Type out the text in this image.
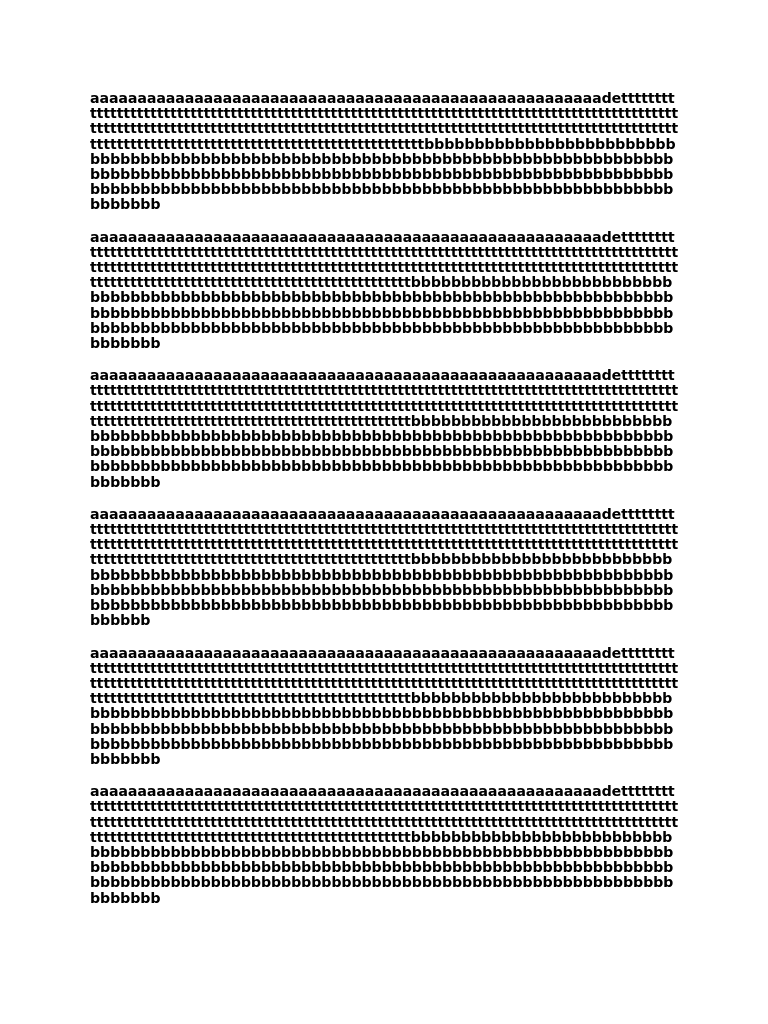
aaaaaaaaaaaaaaaaaaaaaaaaaaaaaaaaaaaaaaaaaaaaaaaaaaaaaadettttttttttttttttttttttttttttttttttttttttttttttttttttttttttttttttttttttttttttttttttttttttttttttttttttttttttttttttttttttttttttttttttttttttttttttttttttttttttttttttttttttttttttttttttttttttttttttttttttttttttttttttttttttttttttttttttttttttttbbbbbbbbbbbbbbbbbbbbbbbbbbbbbbbbbbbbbbbbbbbbbbbbbbbbbbbbbbbbbbbbbbbbbbbbbbbbbbbbbbbbbbbbbbbbbbbbbbbbbbbbbbbbbbbbbbbbbbbbbbbbbbbbbbbbbbbbbbbbbbbbbbbbbbbbbbbbbbbbbbbbbbbbbbbbbbbbbbbbbbbbbbbbbbbbbbbbbbbbbbbbbb

aaaaaaaaaaaaaaaaaaaaaaaaaaaaaaaaaaaaaaaaaaaaaaaaaaaaaadettttttttttttttttttttttttttttttttttttttttttttttttttttttttttttttttttttttttttttttttttttttttttttttttttttttttttttttttttttttttttttttttttttttttttttttttttttttttttttttttttttttttttttttttttttttttttttttttttttttttttttttttttttttttttttttttttttttttbbbbbbbbbbbbbbbbbbbbbbbbbbbbbbbbbbbbbbbbbbbbbbbbbbbbbbbbbbbbbbbbbbbbbbbbbbbbbbbbbbbbbbbbbbbbbbbbbbbbbbbbbbbbbbbbbbbbbbbbbbbbbbbbbbbbbbbbbbbbbbbbbbbbbbbbbbbbbbbbbbbbbbbbbbbbbbbbbbbbbbbbbbbbbbbbbbbbbbbbbbbbbbb

aaaaaaaaaaaaaaaaaaaaaaaaaaaaaaaaaaaaaaaaaaaaaaaaaaaaaadettttttttttttttttttttttttttttttttttttttttttttttttttttttttttttttttttttttttttttttttttttttttttttttttttttttttttttttttttttttttttttttttttttttttttttttttttttttttttttttttttttttttttttttttttttttttttttttttttttttttttttttttttttttttttttttttttttttttbbbbbbbbbbbbbbbbbbbbbbbbbbbbbbbbbbbbbbbbbbbbbbbbbbbbbbbbbbbbbbbbbbbbbbbbbbbbbbbbbbbbbbbbbbbbbbbbbbbbbbbbbbbbbbbbbbbbbbbbbbbbbbbbbbbbbbbbbbbbbbbbbbbbbbbbbbbbbbbbbbbbbbbbbbbbbbbbbbbbbbbbbbbbbbbbbbbbbbbbbbbbbbb

aaaaaaaaaaaaaaaaaaaaaaaaaaaaaaaaaaaaaaaaaaaaaaaaaaaaaadettttttttttttttttttttttttttttttttttttttttttttttttttttttttttttttttttttttttttttttttttttttttttttttttttttttttttttttttttttttttttttttttttttttttttttttttttttttttttttttttttttttttttttttttttttttttttttttttttttttttttttttttttttttttttttttttttttttttbbbbbbbbbbbbbbbbbbbbbbbbbbbbbbbbbbbbbbbbbbbbbbbbbbbbbbbbbbbbbbbbbbbbbbbbbbbbbbbbbbbbbbbbbbbbbbbbbbbbbbbbbbbbbbbbbbbbbbbbbbbbbbbbbbbbbbbbbbbbbbbbbbbbbbbbbbbbbbbbbbbbbbbbbbbbbbbbbbbbbbbbbbbbbbbbbbbbbbbbbbbbbb

aaaaaaaaaaaaaaaaaaaaaaaaaaaaaaaaaaaaaaaaaaaaaaaaaaaaaadettttttttttttttttttttttttttttttttttttttttttttttttttttttttttttttttttttttttttttttttttttttttttttttttttttttttttttttttttttttttttttttttttttttttttttttttttttttttttttttttttttttttttttttttttttttttttttttttttttttttttttttttttttttttttttttttttttttttbbbbbbbbbbbbbbbbbbbbbbbbbbbbbbbbbbbbbbbbbbbbbbbbbbbbbbbbbbbbbbbbbbbbbbbbbbbbbbbbbbbbbbbbbbbbbbbbbbbbbbbbbbbbbbbbbbbbbbbbbbbbbbbbbbbbbbbbbbbbbbbbbbbbbbbbbbbbbbbbbbbbbbbbbbbbbbbbbbbbbbbbbbbbbbbbbbbbbbbbbbbbbbb

aaaaaaaaaaaaaaaaaaaaaaaaaaaaaaaaaaaaaaaaaaaaaaaaaaaaaadettttttttttttttttttttttttttttttttttttttttttttttttttttttttttttttttttttttttttttttttttttttttttttttttttttttttttttttttttttttttttttttttttttttttttttttttttttttttttttttttttttttttttttttttttttttttttttttttttttttttttttttttttttttttttttttttttttttttbbbbbbbbbbbbbbbbbbbbbbbbbbbbbbbbbbbbbbbbbbbbbbbbbbbbbbbbbbbbbbbbbbbbbbbbbbbbbbbbbbbbbbbbbbbbbbbbbbbbbbbbbbbbbbbbbbbbbbbbbbbbbbbbbbbbbbbbbbbbbbbbbbbbbbbbbbbbbbbbbbbbbbbbbbbbbbbbbbbbbbbbbbbbbbbbbbbbbbbbbbbbbbb
